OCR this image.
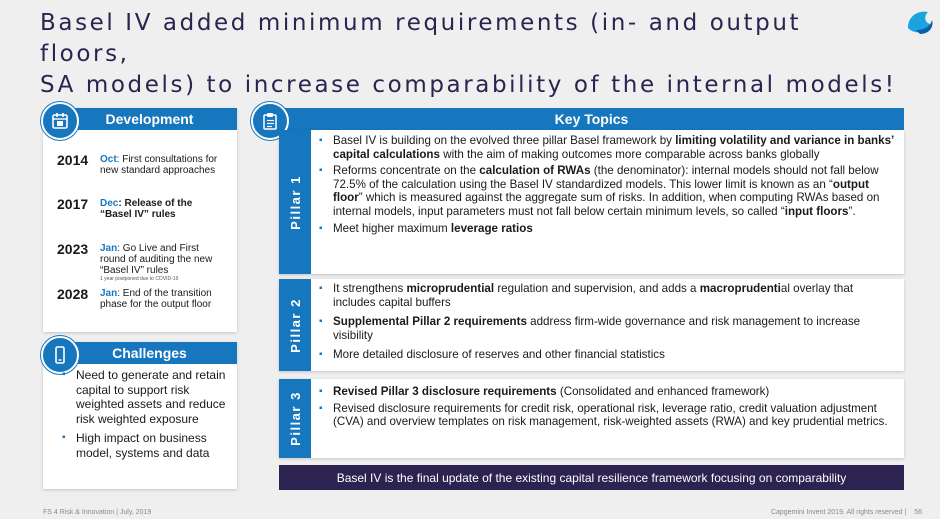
Basel IV added minimum requirements (in- and output floors,
SA models) to increase comparability of the internal models!
Development
2014 Oct: First consultations for new standard approaches
2017 Dec: Release of the “Basel IV” rules
2023 Jan: Go Live and First round of auditing the new “Basel IV” rules
1 year postponed due to COVID-19
2028 Jan: End of the transition phase for the output floor
Challenges
▪ Need to generate and retain capital to support risk weighted assets and reduce risk weighted exposure
▪ High impact on business model, systems and data
Key Topics
Pillar 1
▪ Basel IV is building on the evolved three pillar Basel framework by limiting volatility and variance in banks’ capital calculations with the aim of making outcomes more comparable across banks globally
▪ Reforms concentrate on the calculation of RWAs (the denominator): internal models should not fall below 72.5% of the calculation using the Basel IV standardized models. This lower limit is known as an “output floor” which is measured against the aggregate sum of risks. In addition, when computing RWAs based on internal models, input parameters must not fall below certain minimum levels, so called “input floors”.
▪ Meet higher maximum leverage ratios
Pillar 2
▪ It strengthens microprudential regulation and supervision, and adds a macroprudential overlay that includes capital buffers
▪ Supplemental Pillar 2 requirements address firm-wide governance and risk management to increase visibility
▪ More detailed disclosure of reserves and other financial statistics
Pillar 3
▪	Revised Pillar 3 disclosure requirements (Consolidated and enhanced framework)
▪ Revised disclosure requirements for credit risk, operational risk, leverage ratio, credit valuation adjustment (CVA) and overview templates on risk management, risk-weighted assets (RWA) and key prudential metrics.
Basel IV is the final update of the existing capital resilience framework focusing on comparability
FS 4 Risk & Innovation | July, 2019	Capgemini Invent 2019. All rights reserved | 56
